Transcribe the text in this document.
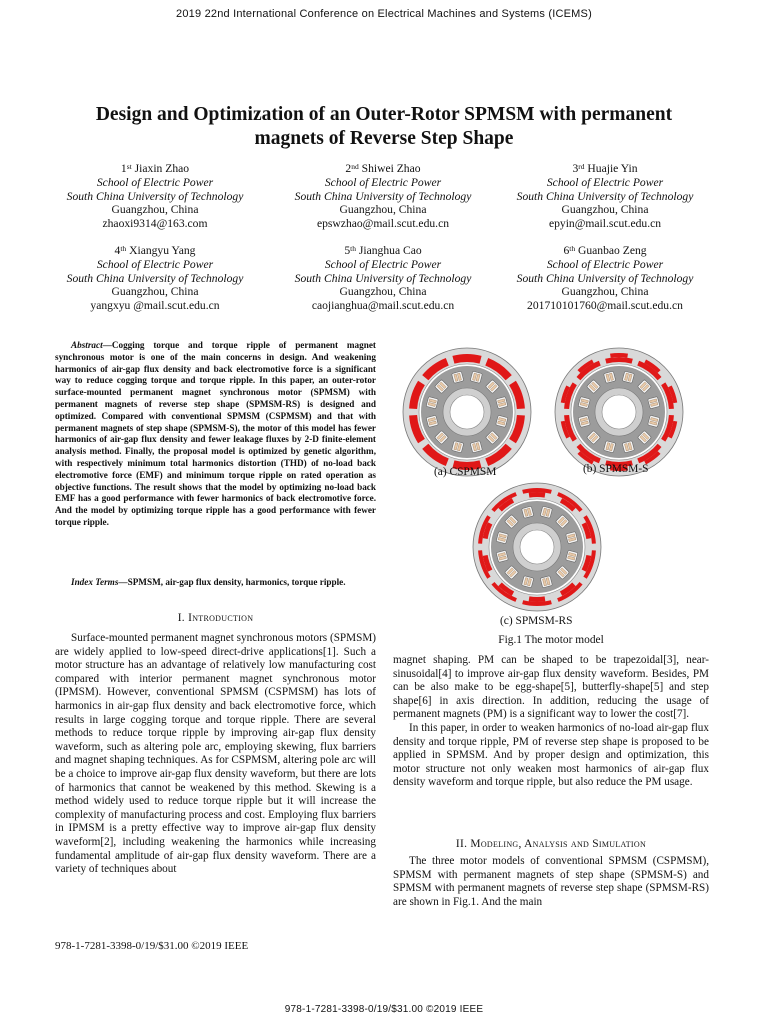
2019 22nd International Conference on Electrical Machines and Systems (ICEMS)
Design and Optimization of an Outer-Rotor SPMSM with permanent magnets of Reverse Step Shape
1st Jiaxin Zhao
School of Electric Power
South China University of Technology
Guangzhou, China
zhaoxi9314@163.com
2nd Shiwei Zhao
School of Electric Power
South China University of Technology
Guangzhou, China
epswzhao@mail.scut.edu.cn
3rd Huajie Yin
School of Electric Power
South China University of Technology
Guangzhou, China
epyin@mail.scut.edu.cn
4th Xiangyu Yang
School of Electric Power
South China University of Technology
Guangzhou, China
yangxyu @mail.scut.edu.cn
5th Jianghua Cao
School of Electric Power
South China University of Technology
Guangzhou, China
caojianghua@mail.scut.edu.cn
6th Guanbao Zeng
School of Electric Power
South China University of Technology
Guangzhou, China
201710101760@mail.scut.edu.cn
Abstract—Cogging torque and torque ripple of permanent magnet synchronous motor is one of the main concerns in design. And weakening harmonics of air-gap flux density and back electromotive force is a significant way to reduce cogging torque and torque ripple. In this paper, an outer-rotor surface-mounted permanent magnet synchronous motor (SPMSM) with permanent magnets of reverse step shape (SPMSM-RS) is designed and optimized. Compared with conventional SPMSM (CSPMSM) and that with permanent magnets of step shape (SPMSM-S), the motor of this model has fewer harmonics of air-gap flux density and fewer leakage fluxes by 2-D finite-element analysis method. Finally, the proposal model is optimized by genetic algorithm, with respectively minimum total harmonics distortion (THD) of no-load back electromotive force (EMF) and minimum torque ripple on rated operation as objective functions. The result shows that the model by optimizing no-load back EMF has a good performance with fewer harmonics of back electromotive force. And the model by optimizing torque ripple has a good performance with fewer torque ripple.
Index Terms—SPMSM, air-gap flux density, harmonics, torque ripple.
I. Introduction

Surface-mounted permanent magnet synchronous motors (SPMSM) are widely applied to low-speed direct-drive applications[1]. Such a motor structure has an advantage of relatively low manufacturing cost compared with interior permanent magnet synchronous motor (IPMSM). However, conventional SPMSM (CSPMSM) has lots of harmonics in air-gap flux density and back electromotive force, which results in large cogging torque and torque ripple. There are several methods to reduce torque ripple by improving air-gap flux density waveform, such as altering pole arc, employing skewing, flux barriers and magnet shaping techniques. As for CSPMSM, altering pole arc will be a choice to improve air-gap flux density waveform, but there are lots of harmonics that cannot be weakened by this method. Skewing is a method widely used to reduce torque ripple but it will increase the complexity of manufacturing process and cost. Employing flux barriers in IPMSM is a pretty effective way to improve air-gap flux density waveform[2], including weakening the harmonics while increasing fundamental amplitude of air-gap flux density waveform. There are a variety of techniques about

(a) CSPMSM	(b) SPMSM-S
(c) SPMSM-RS
Fig.1 The motor model

magnet shaping. PM can be shaped to be trapezoidal[3], near-sinusoidal[4] to improve air-gap flux density waveform. Besides, PM can be also make to be egg-shape[5], butterfly-shape[5] and step shape[6] in axis direction. In addition, reducing the usage of permanent magnets (PM) is a significant way to lower the cost[7].

In this paper, in order to weaken harmonics of no-load air-gap flux density and torque ripple, PM of reverse step shape is proposed to be applied in SPMSM. And by proper design and optimization, this motor structure not only weaken most harmonics of air-gap flux density waveform and torque ripple, but also reduce the PM usage.

II. Modeling, Analysis and Simulation

The three motor models of conventional SPMSM (CSPMSM), SPMSM with permanent magnets of step shape (SPMSM-S) and SPMSM with permanent magnets of reverse step shape (SPMSM-RS) are shown in Fig.1. And the main

978-1-7281-3398-0/19/$31.00 ©2019 IEEE
978-1-7281-3398-0/19/$31.00 ©2019 IEEE
